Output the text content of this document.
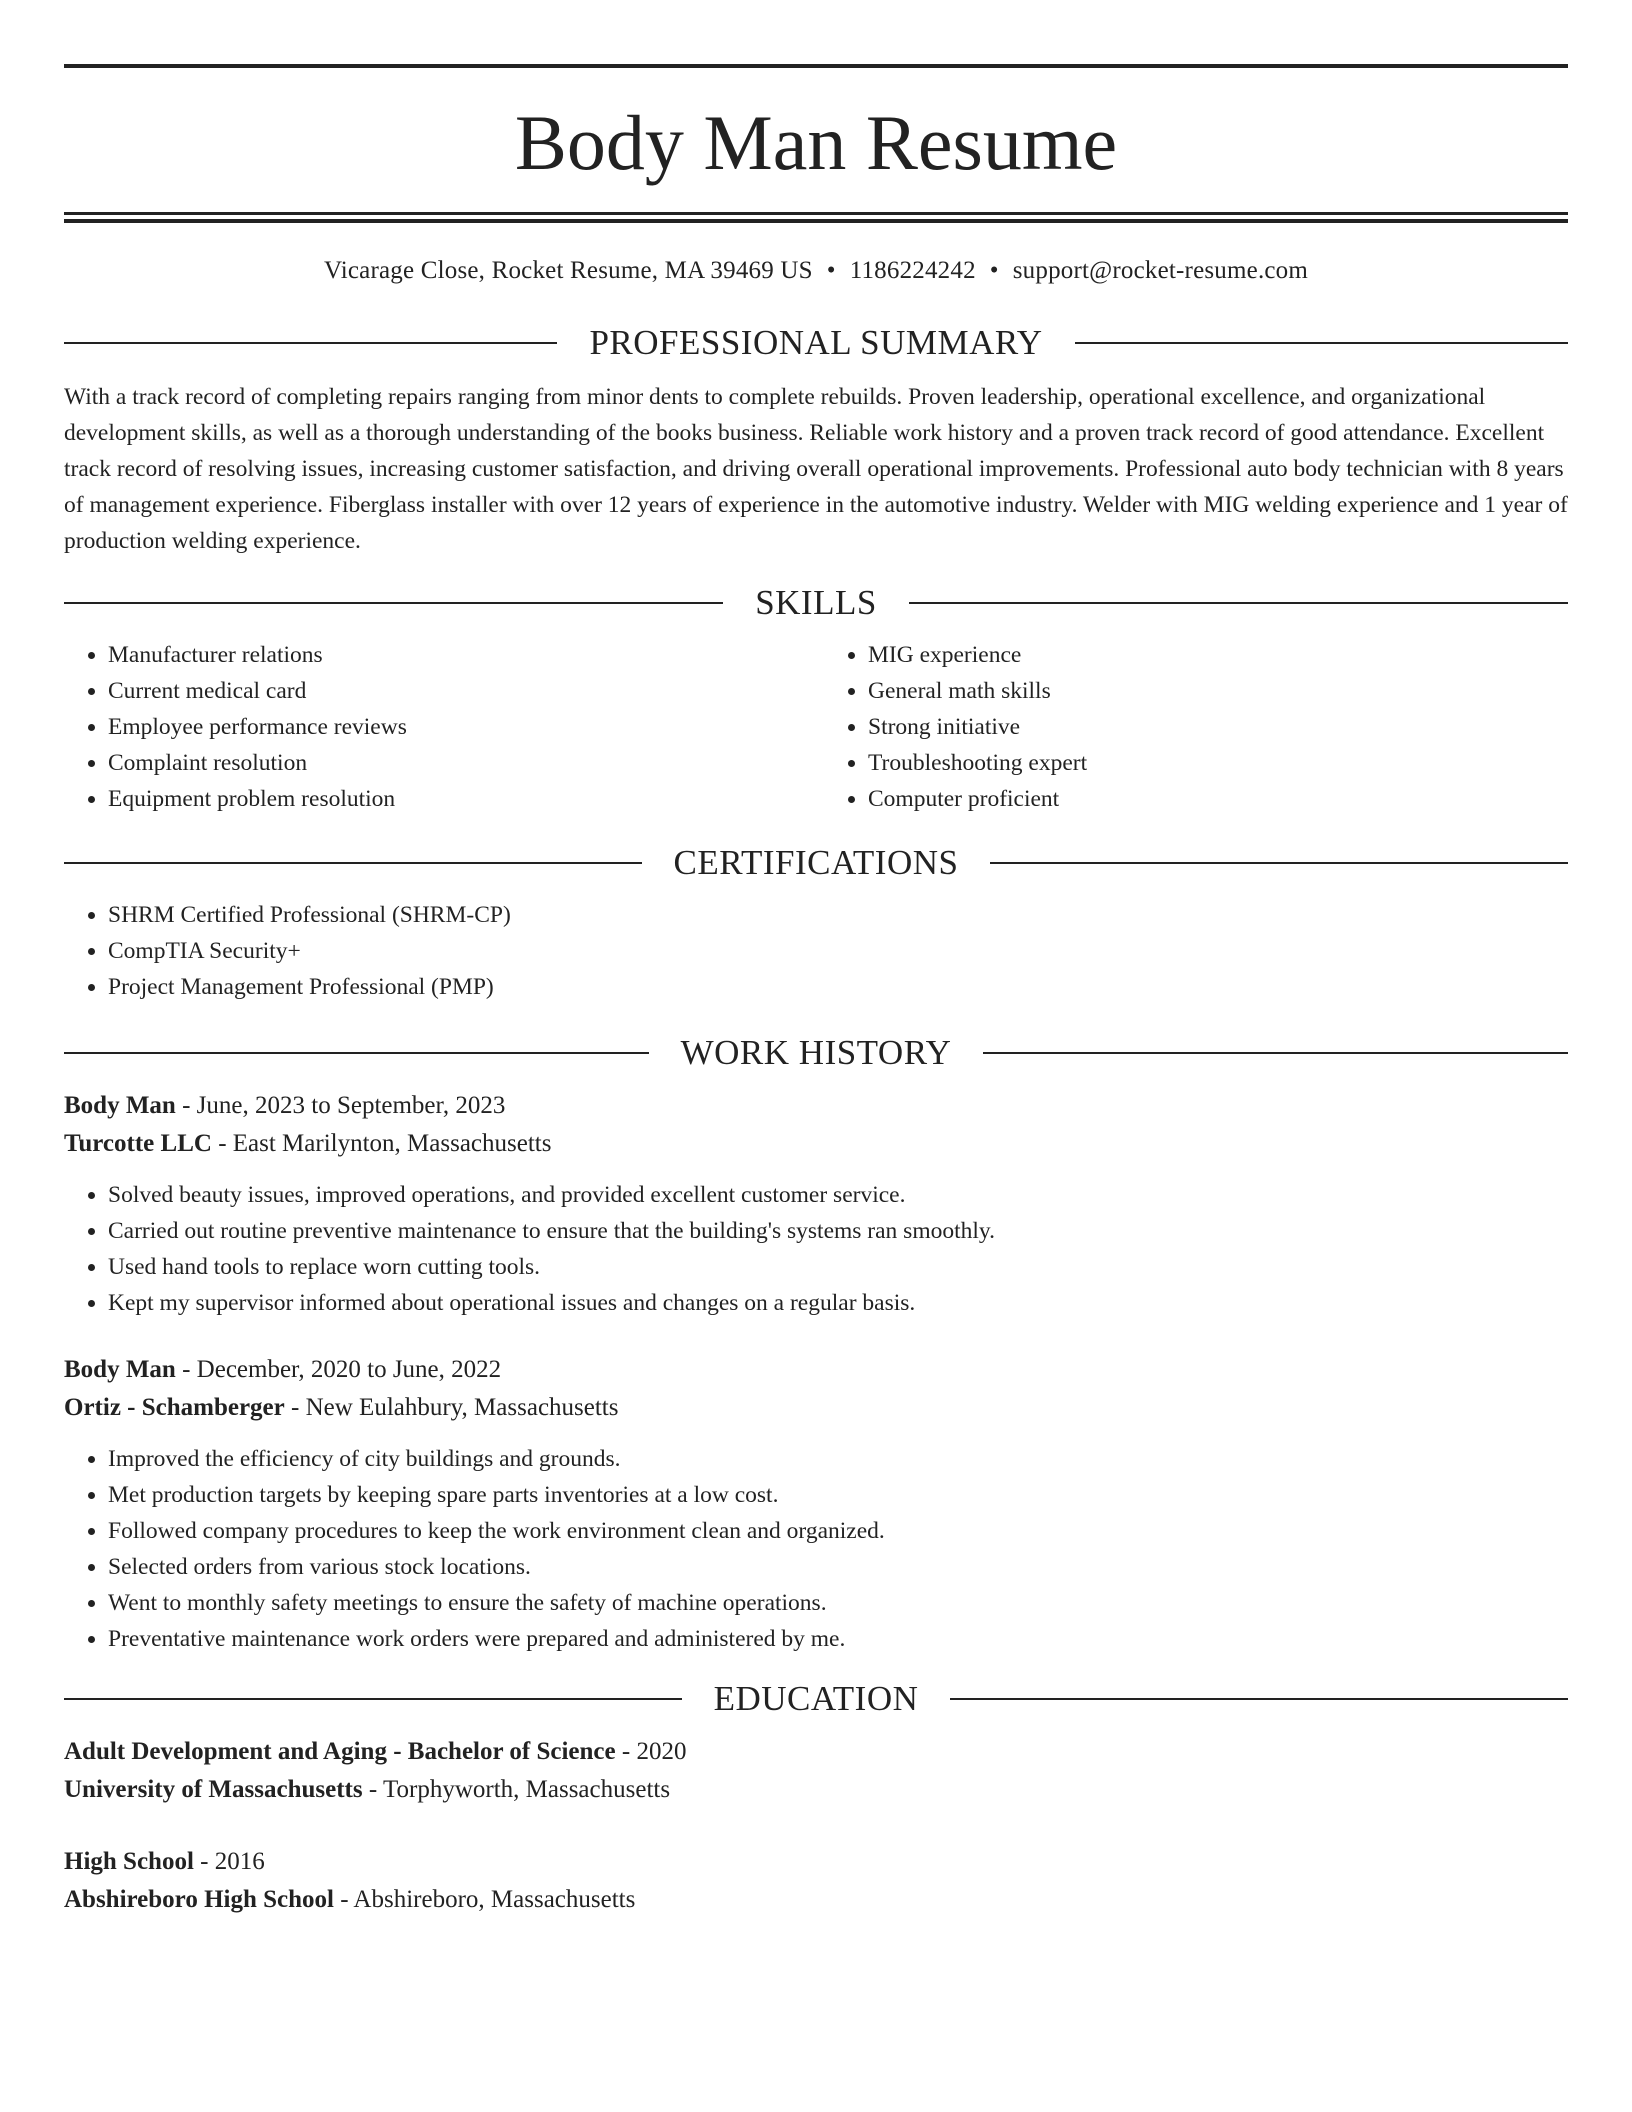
Body Man Resume
Vicarage Close, Rocket Resume, MA 39469 US • 1186224242 • support@rocket-resume.com
PROFESSIONAL SUMMARY

With a track record of completing repairs ranging from minor dents to complete rebuilds. Proven leadership, operational excellence, and organizational development skills, as well as a thorough understanding of the books business. Reliable work history and a proven track record of good attendance. Excellent track record of resolving issues, increasing customer satisfaction, and driving overall operational improvements. Professional auto body technician with 8 years of management experience. Fiberglass installer with over 12 years of experience in the automotive industry. Welder with MIG welding experience and 1 year of production welding experience.

SKILLS
• Manufacturer relations
• Current medical card
• Employee performance reviews
• Complaint resolution
• Equipment problem resolution
• MIG experience
• General math skills
• Strong initiative
• Troubleshooting expert
• Computer proficient
CERTIFICATIONS
• SHRM Certified Professional (SHRM-CP)
• CompTIA Security+
• Project Management Professional (PMP)
WORK HISTORY
Body Man - June, 2023 to September, 2023
Turcotte LLC - East Marilynton, Massachusetts
• Solved beauty issues, improved operations, and provided excellent customer service.
• Carried out routine preventive maintenance to ensure that the building's systems ran smoothly.
• Used hand tools to replace worn cutting tools.
• Kept my supervisor informed about operational issues and changes on a regular basis.
Body Man - December, 2020 to June, 2022
Ortiz - Schamberger - New Eulahbury, Massachusetts
• Improved the efficiency of city buildings and grounds.
• Met production targets by keeping spare parts inventories at a low cost.
• Followed company procedures to keep the work environment clean and organized.
• Selected orders from various stock locations.
• Went to monthly safety meetings to ensure the safety of machine operations.
• Preventative maintenance work orders were prepared and administered by me.
EDUCATION
Adult Development and Aging - Bachelor of Science - 2020
University of Massachusetts - Torphyworth, Massachusetts
High School - 2016
Abshireboro High School - Abshireboro, Massachusetts
